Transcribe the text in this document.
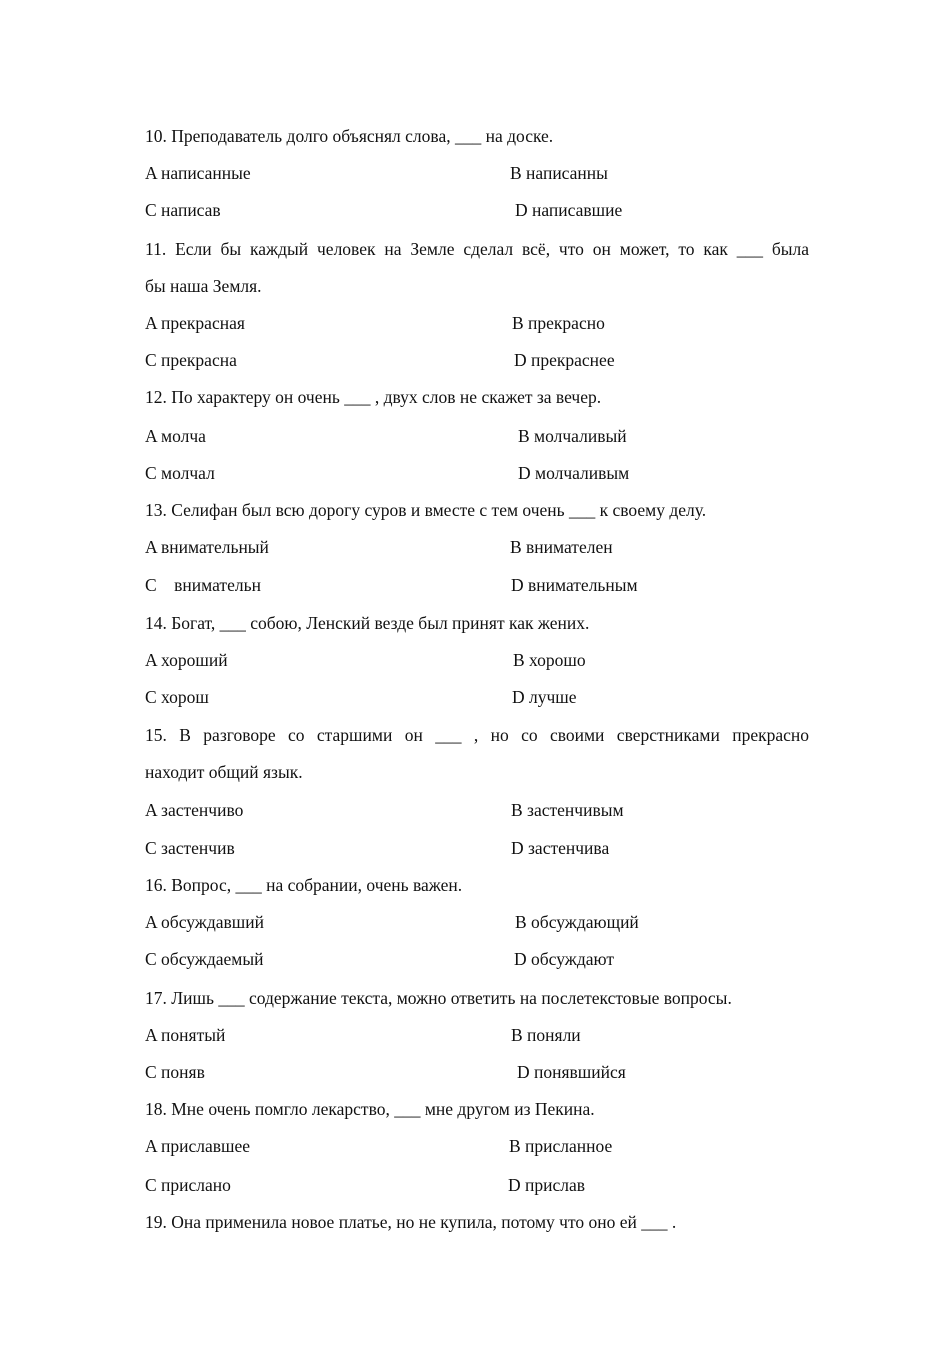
10. Преподаватель долго объяснял слова, ___ на доске.
A написанные	B написанны
C написав	D написавшие
11. Если бы каждый человек на Земле сделал всё, что он может, то как ___ была
бы наша Земля.
A прекрасная	B прекрасно
C прекрасна	D прекраснее
12. По характеру он очень ___ , двух слов не скажет за вечер.
A молча	B молчаливый
C молчал	D молчаливым
13. Селифан был всю дорогу суров и вместе с тем очень ___ к своему делу.
A внимательный	B внимателен
C    внимательн	D внимательным
14. Богат, ___ собою, Ленский везде был принят как жених.
A хороший	B хорошо
C хорош	D лучше
15. В разговоре со старшими он ___ , но со своими сверстниками прекрасно
находит общий язык.
A застенчиво	B застенчивым
C застенчив	D застенчива
16. Вопрос, ___ на собрании, очень важен.
A обсуждавший	B обсуждающий
C обсуждаемый	D обсуждают
17. Лишь ___ содержание текста, можно ответить на послетекстовые вопросы.
A понятый	B поняли
C поняв	D понявшийся
18. Мне очень помгло лекарство, ___ мне другом из Пекина.
A приславшее	B присланное
C прислано	D прислав
19. Она применила новое платье, но не купила, потому что оно ей ___ .
